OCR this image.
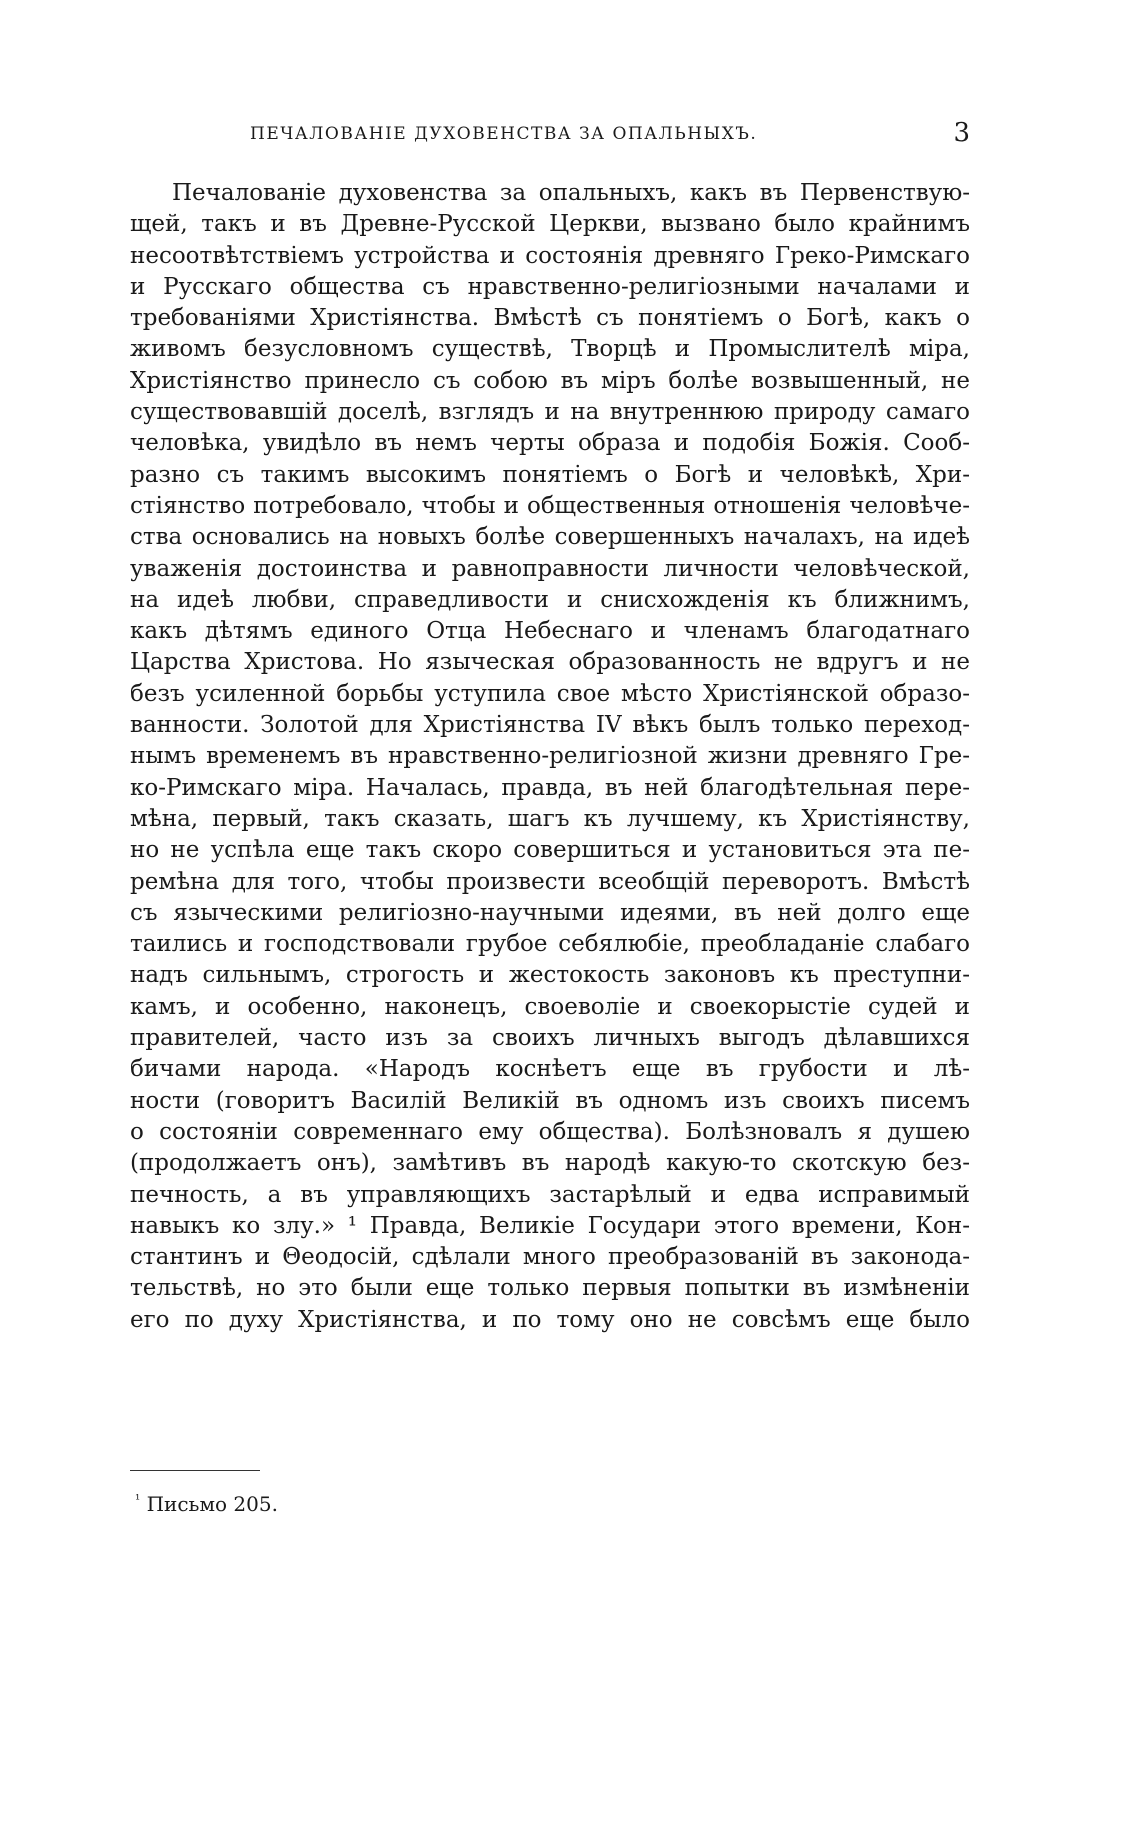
ПЕЧАЛОВАНІЕ ДУХОВЕНСТВА ЗА ОПАЛЬНЫХЪ.	3
Печалованіе духовенства за опальныхъ, какъ въ Первенствую-
щей, такъ и въ Древне-Русской Церкви, вызвано было крайнимъ
несоотвѣтствіемъ устройства и состоянія древняго Греко-Римскаго
и Русскаго общества съ нравственно-религіозными началами и
требованіями Христіянства. Вмѣстѣ съ понятіемъ о Богѣ, какъ о
живомъ безусловномъ существѣ, Творцѣ и Промыслителѣ міра,
Христіянство принесло съ собою въ міръ болѣе возвышенный, не
существовавшій доселѣ, взглядъ и на внутреннюю природу самаго
человѣка, увидѣло въ немъ черты образа и подобія Божія. Сооб-
разно съ такимъ высокимъ понятіемъ о Богѣ и человѣкѣ, Хри-
стіянство потребовало, чтобы и общественныя отношенія человѣче-
ства основались на новыхъ болѣе совершенныхъ началахъ, на идеѣ
уваженія достоинства и равноправности личности человѣческой,
на идеѣ любви, справедливости и снисхожденія къ ближнимъ,
какъ дѣтямъ единого Отца Небеснаго и членамъ благодатнаго
Царства Христова. Но языческая образованность не вдругъ и не
безъ усиленной борьбы уступила свое мѣсто Христіянской образо-
ванности. Золотой для Христіянства IV вѣкъ былъ только переход-
нымъ временемъ въ нравственно-религіозной жизни древняго Гре-
ко-Римскаго міра. Началась, правда, въ ней благодѣтельная пере-
мѣна, первый, такъ сказать, шагъ къ лучшему, къ Христіянству,
но не успѣла еще такъ скоро совершиться и установиться эта пе-
ремѣна для того, чтобы произвести всеобщій переворотъ. Вмѣстѣ
съ языческими религіозно-научными идеями, въ ней долго еще
таились и господствовали грубое себялюбіе, преобладаніе слабаго
надъ сильнымъ, строгость и жестокость законовъ къ преступни-
камъ, и особенно, наконецъ, своеволіе и своекорыстіе судей и
правителей, часто изъ за своихъ личныхъ выгодъ дѣлавшихся
бичами народа. «Народъ коснѣетъ еще въ грубости и лѣ-
ности (говоритъ Василій Великій въ одномъ изъ своихъ писемъ
о состояніи современнаго ему общества). Болѣзновалъ я душею
(продолжаетъ онъ), замѣтивъ въ народѣ какую-то скотскую без-
печность, а въ управляющихъ застарѣлый и едва исправимый
навыкъ ко злу.» ¹ Правда, Великіе Государи этого времени, Кон-
стантинъ и Θеодосій, сдѣлали много преобразованій въ законода-
тельствѣ, но это были еще только первыя попытки въ измѣненіи
его по духу Христіянства, и по тому оно не совсѣмъ еще было
$^{^1}$ Письмо 205.
